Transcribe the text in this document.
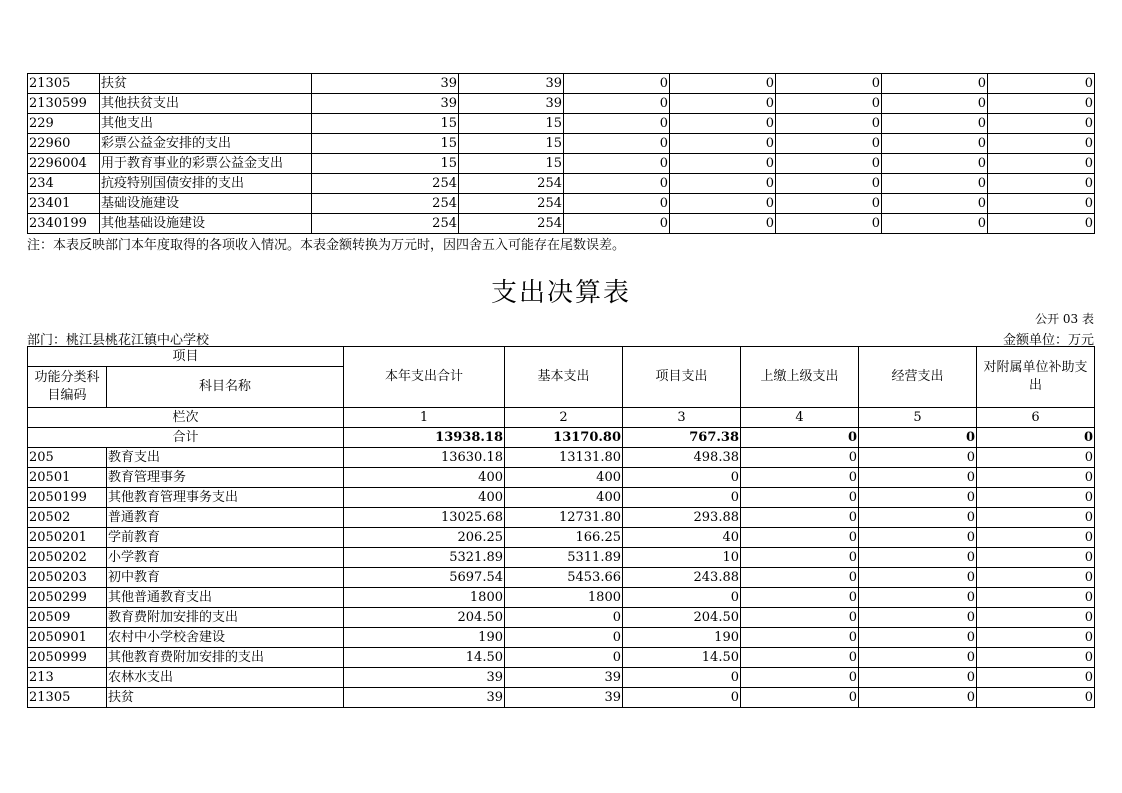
21305	扶贫	39	39	0	0	0	0	0
2130599	其他扶贫支出	39	39	0	0	0	0	0
229	其他支出	15	15	0	0	0	0	0
22960	彩票公益金安排的支出	15	15	0	0	0	0	0
2296004	用于教育事业的彩票公益金支出	15	15	0	0	0	0	0
234	抗疫特别国债安排的支出	254	254	0	0	0	0	0
23401	基础设施建设	254	254	0	0	0	0	0
2340199	其他基础设施建设	254	254	0	0	0	0	0
注：本表反映部门本年度取得的各项收入情况。本表金额转换为万元时，因四舍五入可能存在尾数误差。
支出决算表
公开 03 表
部门：桃江县桃花江镇中心学校	金额单位：万元
项目		本年支出合计	基本支出	项目支出	上缴上级支出	经营支出	对附属单位补助支出
功能分类科目编码	科目名称						

栏次		1	2	3	4	5	6
合计		13938.18	13170.80	767.38	0	0	0
205	教育支出	13630.18	13131.80	498.38	0	0	0
20501	教育管理事务	400	400	0	0	0	0
2050199	其他教育管理事务支出	400	400	0	0	0	0
20502	普通教育	13025.68	12731.80	293.88	0	0	0
2050201	学前教育	206.25	166.25	40	0	0	0
2050202	小学教育	5321.89	5311.89	10	0	0	0
2050203	初中教育	5697.54	5453.66	243.88	0	0	0
2050299	其他普通教育支出	1800	1800	0	0	0	0
20509	教育费附加安排的支出	204.50	0	204.50	0	0	0
2050901	农村中小学校舍建设	190	0	190	0	0	0
2050999	其他教育费附加安排的支出	14.50	0	14.50	0	0	0
213	农林水支出	39	39	0	0	0	0
21305	扶贫	39	39	0	0	0	0
